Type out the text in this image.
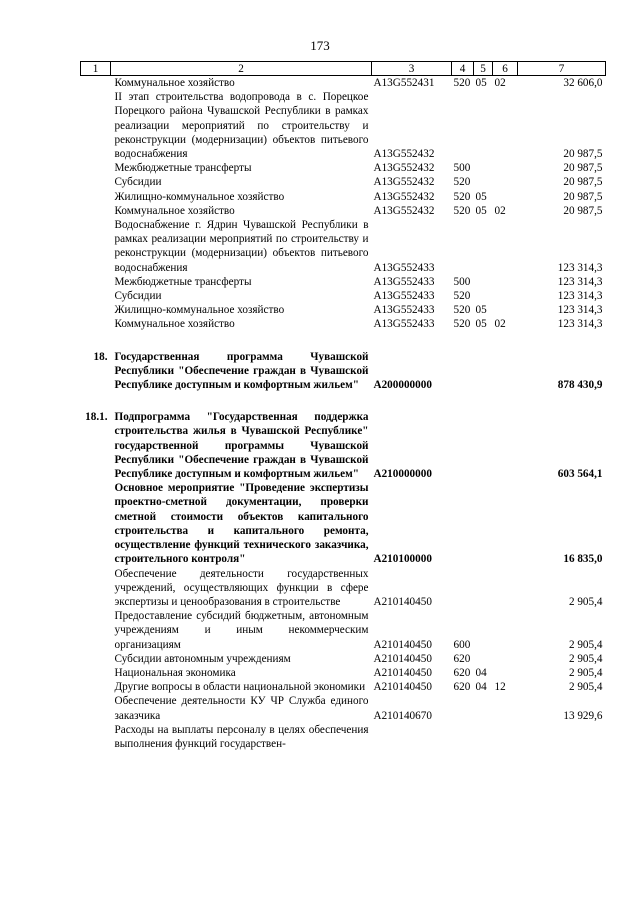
173
1	2	3	4	5	6	7
	Коммунальное хозяйство	А13G552431	520	05	02	32 606,0
	II этап строительства водопровода в с. Порецкое Порецкого района Чувашской Республики в рамках реализации мероприятий по строительству и реконструкции (модернизации) объектов питьевого водоснабжения	А13G552432				20 987,5
	Межбюджетные трансферты	А13G552432	500			20 987,5
	Субсидии	А13G552432	520			20 987,5
	Жилищно-коммунальное хозяйство	А13G552432	520	05		20 987,5
	Коммунальное хозяйство	А13G552432	520	05	02	20 987,5
	Водоснабжение г. Ядрин Чувашской Республики в рамках реализации мероприятий по строительству и реконструкции (модернизации) объектов питьевого водоснабжения	А13G552433				123 314,3
	Межбюджетные трансферты	А13G552433	500			123 314,3
	Субсидии	А13G552433	520			123 314,3
	Жилищно-коммунальное хозяйство	А13G552433	520	05		123 314,3
	Коммунальное хозяйство	А13G552433	520	05	02	123 314,3

18.	Государственная программа Чувашской Республики "Обеспечение граждан в Чувашской Республике доступным и комфортным жильем"	А200000000				878 430,9

18.1.	Подпрограмма "Государственная поддержка строительства жилья в Чувашской Республике" государственной программы Чувашской Республики "Обеспечение граждан в Чувашской Республике доступным и комфортным жильем"	А210000000				603 564,1
	Основное мероприятие "Проведение экспертизы проектно-сметной документации, проверки сметной стоимости объектов капитального строительства и капитального ремонта, осуществление функций технического заказчика, строительного контроля"	А210100000				16 835,0
	Обеспечение деятельности государственных учреждений, осуществляющих функции в сфере экспертизы и ценообразования в строительстве	А210140450				2 905,4
	Предоставление субсидий бюджетным, автономным учреждениям и иным некоммерческим организациям	А210140450	600			2 905,4
	Субсидии автономным учреждениям	А210140450	620			2 905,4
	Национальная экономика	А210140450	620	04		2 905,4
	Другие вопросы в области национальной экономики	А210140450	620	04	12	2 905,4
	Обеспечение деятельности КУ ЧР Служба единого заказчика	А210140670				13 929,6
	Расходы на выплаты персоналу в целях обеспечения выполнения функций государствен-					
